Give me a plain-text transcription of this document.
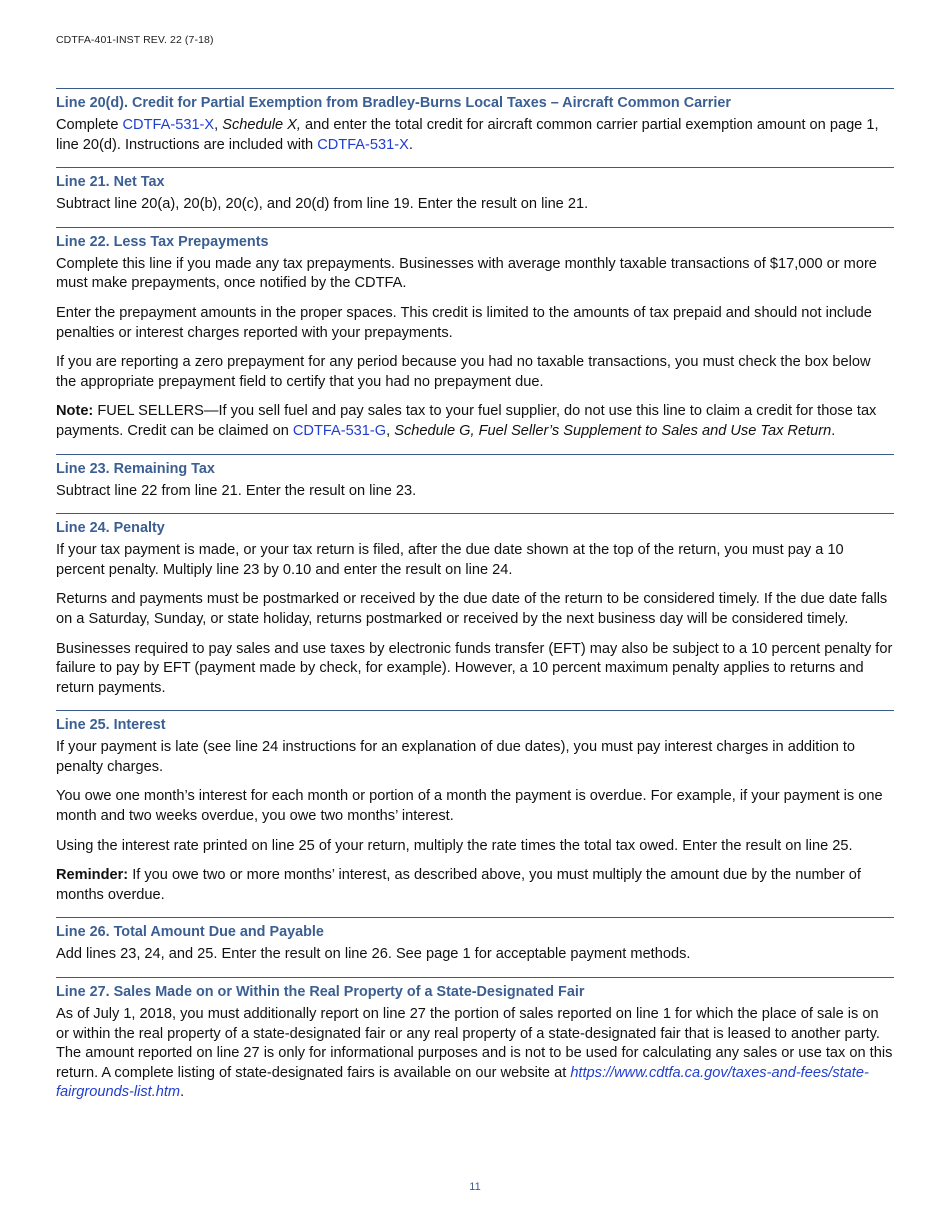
CDTFA-401-INST REV. 22 (7-18)
Line 20(d). Credit for Partial Exemption from Bradley-Burns Local Taxes – Aircraft Common Carrier

Complete CDTFA-531-X, Schedule X, and enter the total credit for aircraft common carrier partial exemption amount on page 1, line 20(d). Instructions are included with CDTFA-531-X.

Line 21. Net Tax

Subtract line 20(a), 20(b), 20(c), and 20(d) from line 19. Enter the result on line 21.

Line 22. Less Tax Prepayments

Complete this line if you made any tax prepayments. Businesses with average monthly taxable transactions of $17,000 or more must make prepayments, once notified by the CDTFA.

Enter the prepayment amounts in the proper spaces. This credit is limited to the amounts of tax prepaid and should not include penalties or interest charges reported with your prepayments.

If you are reporting a zero prepayment for any period because you had no taxable transactions, you must check the box below the appropriate prepayment field to certify that you had no prepayment due.

Note: FUEL SELLERS—If you sell fuel and pay sales tax to your fuel supplier, do not use this line to claim a credit for those tax payments. Credit can be claimed on CDTFA-531-G, Schedule G, Fuel Seller’s Supplement to Sales and Use Tax Return.

Line 23. Remaining Tax

Subtract line 22 from line 21. Enter the result on line 23.

Line 24. Penalty

If your tax payment is made, or your tax return is filed, after the due date shown at the top of the return, you must pay a 10 percent penalty. Multiply line 23 by 0.10 and enter the result on line 24.

Returns and payments must be postmarked or received by the due date of the return to be considered timely. If the due date falls on a Saturday, Sunday, or state holiday, returns postmarked or received by the next business day will be considered timely.

Businesses required to pay sales and use taxes by electronic funds transfer (EFT) may also be subject to a 10 percent penalty for failure to pay by EFT (payment made by check, for example). However, a 10 percent maximum penalty applies to returns and return payments.

Line 25. Interest

If your payment is late (see line 24 instructions for an explanation of due dates), you must pay interest charges in addition to penalty charges.

You owe one month’s interest for each month or portion of a month the payment is overdue. For example, if your payment is one month and two weeks overdue, you owe two months’ interest.

Using the interest rate printed on line 25 of your return, multiply the rate times the total tax owed. Enter the result on line 25.

Reminder: If you owe two or more months’ interest, as described above, you must multiply the amount due by the number of months overdue.

Line 26. Total Amount Due and Payable

Add lines 23, 24, and 25. Enter the result on line 26. See page 1 for acceptable payment methods.

Line 27. Sales Made on or Within the Real Property of a State-Designated Fair

As of July 1, 2018, you must additionally report on line 27 the portion of sales reported on line 1 for which the place of sale is on or within the real property of a state-designated fair or any real property of a state-designated fair that is leased to another party. The amount reported on line 27 is only for informational purposes and is not to be used for calculating any sales or use tax on this return. A complete listing of state-designated fairs is available on our website at https://www.cdtfa.ca.gov/taxes-and-fees/state-fairgrounds-list.htm.

11
